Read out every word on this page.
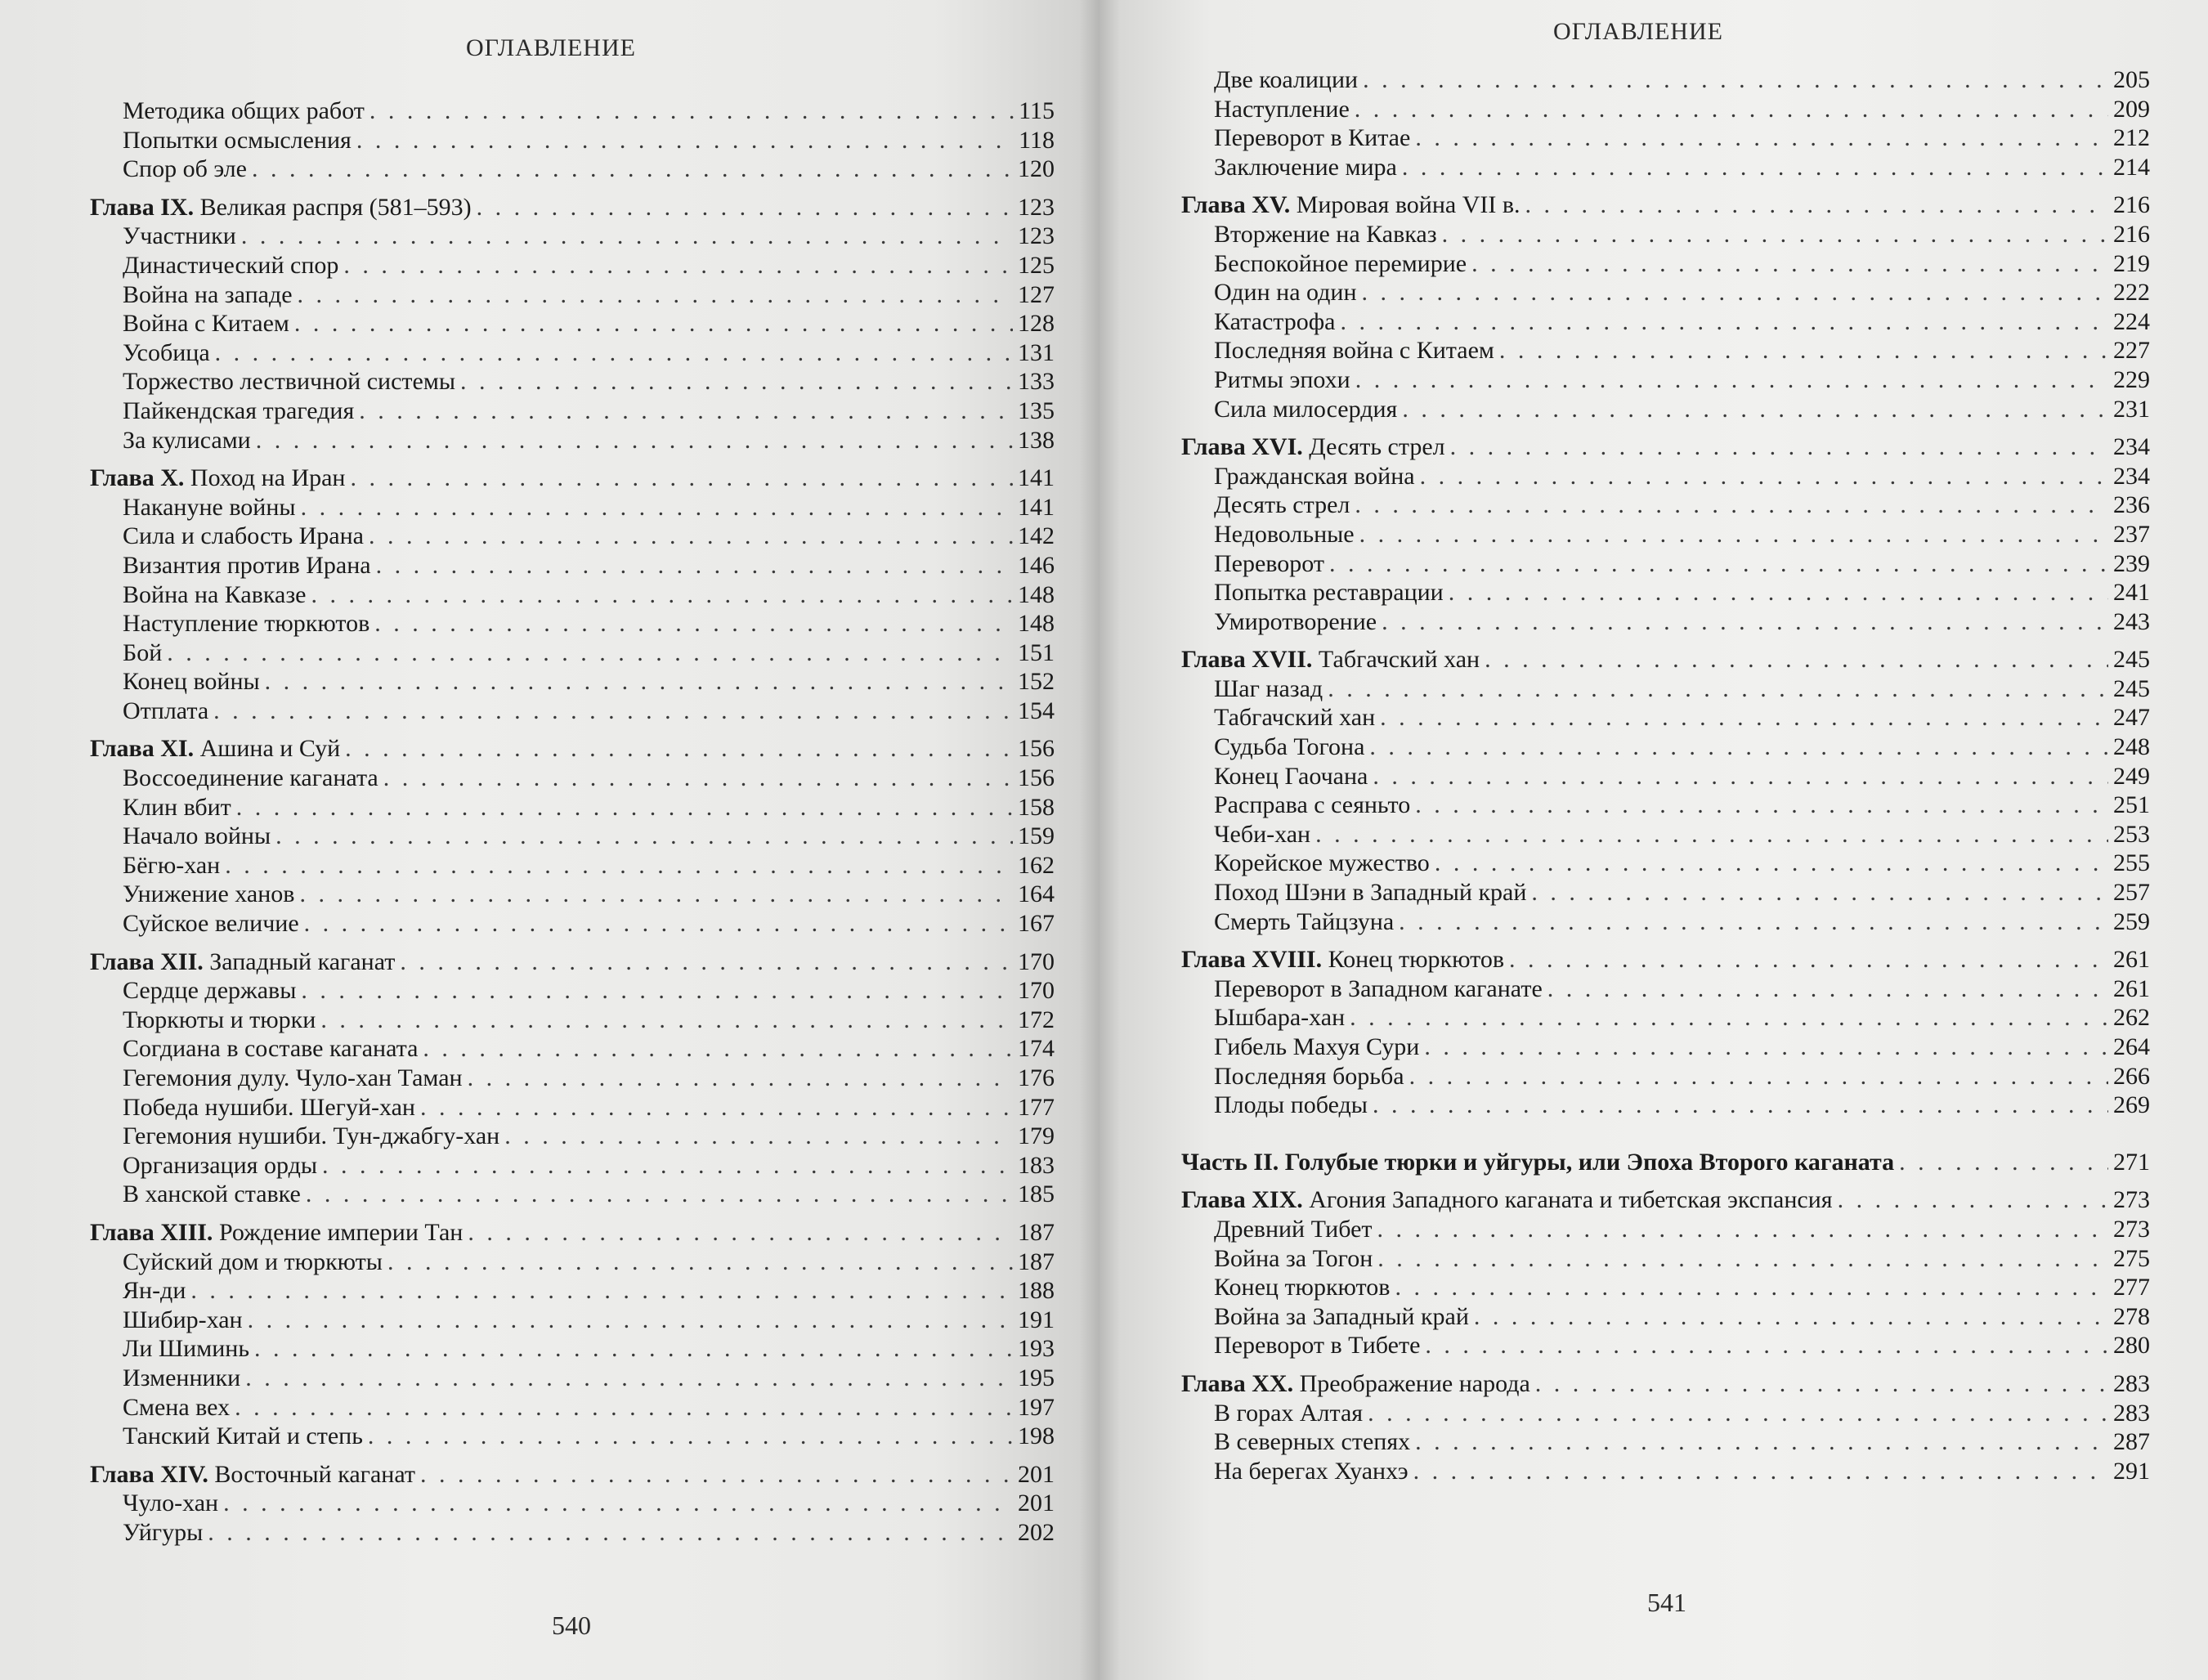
ОГЛАВЛЕНИЕ
Методика общих работ . . .	115
Попытки осмысления . . .	118
Спор об эле . . .	120
Глава IX. Великая распря (581–593) . . .	123
Участники . . .	123
Династический спор . . .	125
Война на западе . . .	127
Война с Китаем . . .	128
Усобица . . .	131
Торжество лествичной системы . . .	133
Пайкендская трагедия . . .	135
За кулисами . . .	138
Глава X. Поход на Иран . . .	141
Накануне войны . . .	141
Сила и слабость Ирана . . .	142
Византия против Ирана . . .	146
Война на Кавказе . . .	148
Наступление тюркютов . . .	148
Бой . . .	151
Конец войны . . .	152
Отплата . . .	154
Глава XI. Ашина и Суй . . .	156
Воссоединение каганата . . .	156
Клин вбит . . .	158
Начало войны . . .	159
Бёгю-хан . . .	162
Унижение ханов . . .	164
Суйское величие . . .	167
Глава XII. Западный каганат . . .	170
Сердце державы . . .	170
Тюркюты и тюрки . . .	172
Согдиана в составе каганата . . .	174
Гегемония дулу. Чуло-хан Таман . . .	176
Победа нушиби. Шегуй-хан . . .	177
Гегемония нушиби. Тун-джабгу-хан . . .	179
Организация орды . . .	183
В ханской ставке . . .	185
Глава XIII. Рождение империи Тан . . .	187
Суйский дом и тюркюты . . .	187
Ян-ди . . .	188
Шибир-хан . . .	191
Ли Шиминь . . .	193
Изменники . . .	195
Смена вех . . .	197
Танский Китай и степь . . .	198
Глава XIV. Восточный каганат . . .	201
Чуло-хан . . .	201
Уйгуры . . .	202
540
ОГЛАВЛЕНИЕ
Две коалиции . . .	205
Наступление . . .	209
Переворот в Китае . . .	212
Заключение мира . . .	214
Глава XV. Мировая война VII в. . . .	216
Вторжение на Кавказ . . .	216
Беспокойное перемирие . . .	219
Один на один . . .	222
Катастрофа . . .	224
Последняя война с Китаем . . .	227
Ритмы эпохи . . .	229
Сила милосердия . . .	231
Глава XVI. Десять стрел . . .	234
Гражданская война . . .	234
Десять стрел . . .	236
Недовольные . . .	237
Переворот . . .	239
Попытка реставрации . . .	241
Умиротворение . . .	243
Глава XVII. Табгачский хан . . .	245
Шаг назад . . .	245
Табгачский хан . . .	247
Судьба Тогона . . .	248
Конец Гаочана . . .	249
Расправа с сеяньто . . .	251
Чеби-хан . . .	253
Корейское мужество . . .	255
Поход Шэни в Западный край . . .	257
Смерть Тайцзуна . . .	259
Глава XVIII. Конец тюркютов . . .	261
Переворот в Западном каганате . . .	261
Ышбара-хан . . .	262
Гибель Махуя Сури . . .	264
Последняя борьба . . .	266
Плоды победы . . .	269
Часть II. Голубые тюрки и уйгуры, или Эпоха Второго каганата . . .	271
Глава XIX. Агония Западного каганата и тибетская экспансия . . .	273
Древний Тибет . . .	273
Война за Тогон . . .	275
Конец тюркютов . . .	277
Война за Западный край . . .	278
Переворот в Тибете . . .	280
Глава XX. Преображение народа . . .	283
В горах Алтая . . .	283
В северных степях . . .	287
На берегах Хуанхэ . . .	291
541
